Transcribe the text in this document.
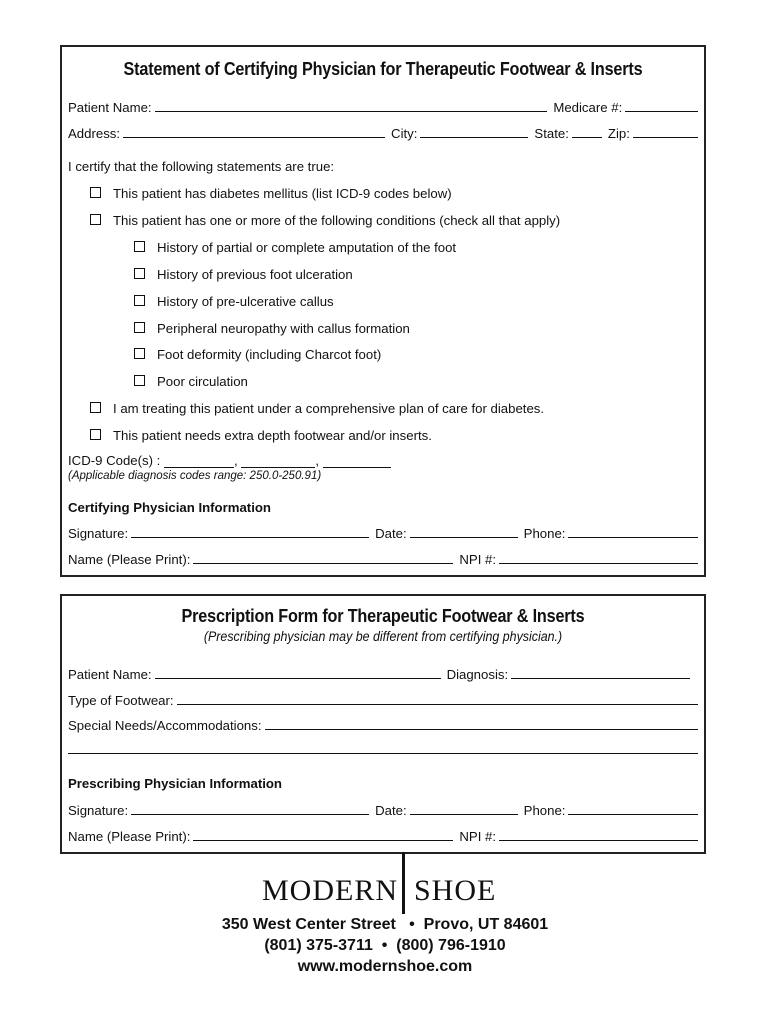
Statement of Certifying Physician for Therapeutic Footwear & Inserts
Patient Name:	Medicare #:
Address:	City:	State:	Zip:
I certify that the following statements are true:
This patient has diabetes mellitus (list ICD-9 codes below)
This patient has one or more of the following conditions (check all that apply)
History of partial or complete amputation of the foot
History of previous foot ulceration
History of pre-ulcerative callus
Peripheral neuropathy with callus formation
Foot deformity (including Charcot foot)
Poor circulation
I am treating this patient under a comprehensive plan of care for diabetes.
This patient needs extra depth footwear and/or inserts.
ICD-9 Code(s) :	,	,
(Applicable diagnosis codes range: 250.0-250.91)
Certifying Physician Information
Signature:	Date:	Phone:
Name (Please Print):	NPI #:
Prescription Form for Therapeutic Footwear & Inserts
(Prescribing physician may be different from certifying physician.)
Patient Name:	Diagnosis:
Type of Footwear:
Special Needs/Accommodations:
Prescribing Physician Information
Signature:	Date:	Phone:
Name (Please Print):	NPI #:
MODERN SHOE
350 West Center Street   •  Provo, UT 84601
(801) 375-3711  •  (800) 796-1910
www.modernshoe.com
